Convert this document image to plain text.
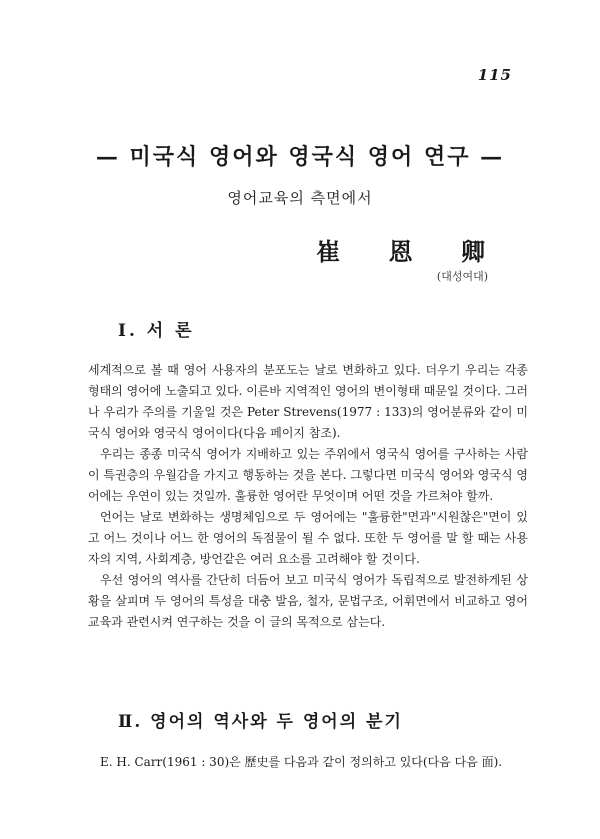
115
— 미국식 영어와 영국식 영어 연구 —
영어교육의 측면에서
崔 恩 卿
(대성여대)
Ⅰ. 서 론

세계적으로 볼 때 영어 사용자의 분포도는 날로 변화하고 있다. 더우기 우리는 각종 형태의 영어에 노출되고 있다. 이른바 지역적인 영어의 변이형태 때문일 것이다. 그러나 우리가 주의를 기울일 것은 Peter Strevens(1977 : 133)의 영어분류와 같이 미국식 영어와 영국식 영어이다(다음 페이지 참조).

우리는 종종 미국식 영어가 지배하고 있는 주위에서 영국식 영어를 구사하는 사람이 특권층의 우월감을 가지고 행동하는 것을 본다. 그렇다면 미국식 영어와 영국식 영어에는 우연이 있는 것일까. 훌륭한 영어란 무엇이며 어떤 것을 가르쳐야 할까.

언어는 날로 변화하는 생명체임으로 두 영어에는 "훌륭한"면과"시원찮은"면이 있고 어느 것이나 어느 한 영어의 독점물이 될 수 없다. 또한 두 영어를 말 할 때는 사용자의 지역, 사회계층, 방언같은 여러 요소를 고려해야 할 것이다.

우선 영어의 역사를 간단히 더듬어 보고 미국식 영어가 독립적으로 발전하게된 상황을 살피며 두 영어의 특성을 대충 발음, 철자, 문법구조, 어휘면에서 비교하고 영어교육과 관련시켜 연구하는 것을 이 글의 목적으로 삼는다.

Ⅱ. 영어의 역사와 두 영어의 분기

E. H. Carr(1961 : 30)은 歷史를 다음과 같이 정의하고 있다(다음 다음 面).
